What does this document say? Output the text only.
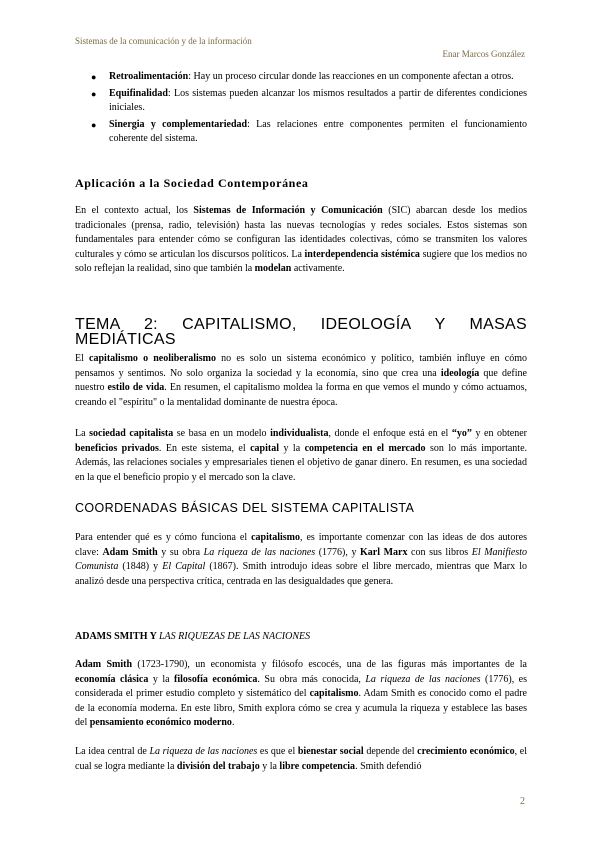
Sistemas de la comunicación y de la información
Enar Marcos González
● Retroalimentación: Hay un proceso circular donde las reacciones en un componente afectan a otros.
● Equifinalidad: Los sistemas pueden alcanzar los mismos resultados a partir de diferentes condiciones iniciales.
● Sinergia y complementariedad: Las relaciones entre componentes permiten el funcionamiento coherente del sistema.
Aplicación a la Sociedad Contemporánea

En el contexto actual, los Sistemas de Información y Comunicación (SIC) abarcan desde los medios tradicionales (prensa, radio, televisión) hasta las nuevas tecnologías y redes sociales. Estos sistemas son fundamentales para entender cómo se configuran las identidades colectivas, cómo se transmiten los valores culturales y cómo se articulan los discursos políticos. La interdependencia sistémica sugiere que los medios no solo reflejan la realidad, sino que también la modelan activamente.

TEMA 2: CAPITALISMO, IDEOLOGÍA Y MASAS MEDIÁTICAS

El capitalismo o neoliberalismo no es solo un sistema económico y político, también influye en cómo pensamos y sentimos. No solo organiza la sociedad y la economía, sino que crea una ideología que define nuestro estilo de vida. En resumen, el capitalismo moldea la forma en que vemos el mundo y cómo actuamos, creando el "espíritu" o la mentalidad dominante de nuestra época.

La sociedad capitalista se basa en un modelo individualista, donde el enfoque está en el “yo” y en obtener beneficios privados. En este sistema, el capital y la competencia en el mercado son lo más importante. Además, las relaciones sociales y empresariales tienen el objetivo de ganar dinero. En resumen, es una sociedad en la que el beneficio propio y el mercado son la clave.

COORDENADAS BÁSICAS DEL SISTEMA CAPITALISTA

Para entender qué es y cómo funciona el capitalismo, es importante comenzar con las ideas de dos autores clave: Adam Smith y su obra La riqueza de las naciones (1776), y Karl Marx con sus libros El Manifiesto Comunista (1848) y El Capital (1867). Smith introdujo ideas sobre el libre mercado, mientras que Marx lo analizó desde una perspectiva crítica, centrada en las desigualdades que genera.

ADAMS SMITH Y LAS RIQUEZAS DE LAS NACIONES

Adam Smith (1723-1790), un economista y filósofo escocés, una de las figuras más importantes de la economía clásica y la filosofía económica. Su obra más conocida, La riqueza de las naciones (1776), es considerada el primer estudio completo y sistemático del capitalismo. Adam Smith es conocido como el padre de la economía moderna. En este libro, Smith explora cómo se crea y acumula la riqueza y establece las bases del pensamiento económico moderno.

La idea central de La riqueza de las naciones es que el bienestar social depende del crecimiento económico, el cual se logra mediante la división del trabajo y la libre competencia. Smith defendió

2
